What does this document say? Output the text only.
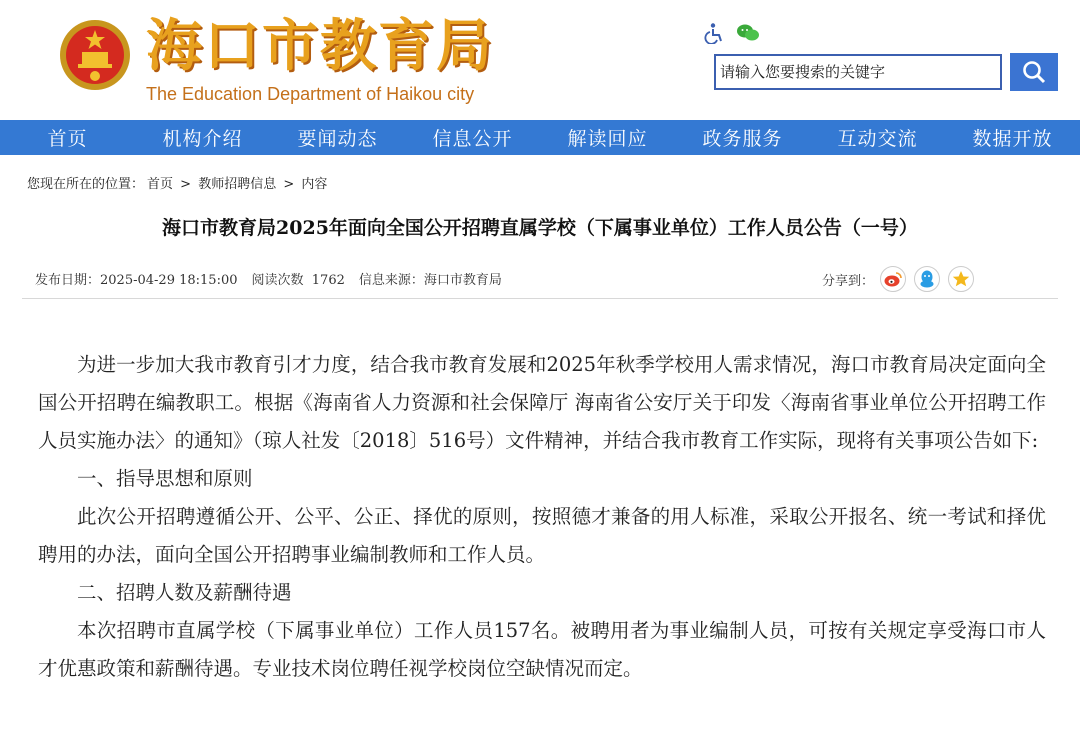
海口市教育局
The Education Department of Haikou city
请输入您要搜索的关键字
首页	机构介绍	要闻动态	信息公开	解读回应	政务服务	互动交流	数据开放
您现在所在的位置： 首页 > 教师招聘信息 > 内容
海口市教育局2025年面向全国公开招聘直属学校（下属事业单位）工作人员公告（一号）
发布日期：2025-04-29 18:15:00 阅读次数 1762 信息来源：海口市教育局	分享到：

为进一步加大我市教育引才力度，结合我市教育发展和2025年秋季学校用人需求情况，海口市教育局决定面向全国公开招聘在编教职工。根据《海南省人力资源和社会保障厅 海南省公安厅关于印发〈海南省事业单位公开招聘工作人员实施办法〉的通知》（琼人社发〔2018〕516号）文件精神，并结合我市教育工作实际，现将有关事项公告如下:

一、指导思想和原则

此次公开招聘遵循公开、公平、公正、择优的原则，按照德才兼备的用人标准，采取公开报名、统一考试和择优聘用的办法，面向全国公开招聘事业编制教师和工作人员。

二、招聘人数及薪酬待遇

本次招聘市直属学校（下属事业单位）工作人员157名。被聘用者为事业编制人员，可按有关规定享受海口市人才优惠政策和薪酬待遇。专业技术岗位聘任视学校岗位空缺情况而定。
